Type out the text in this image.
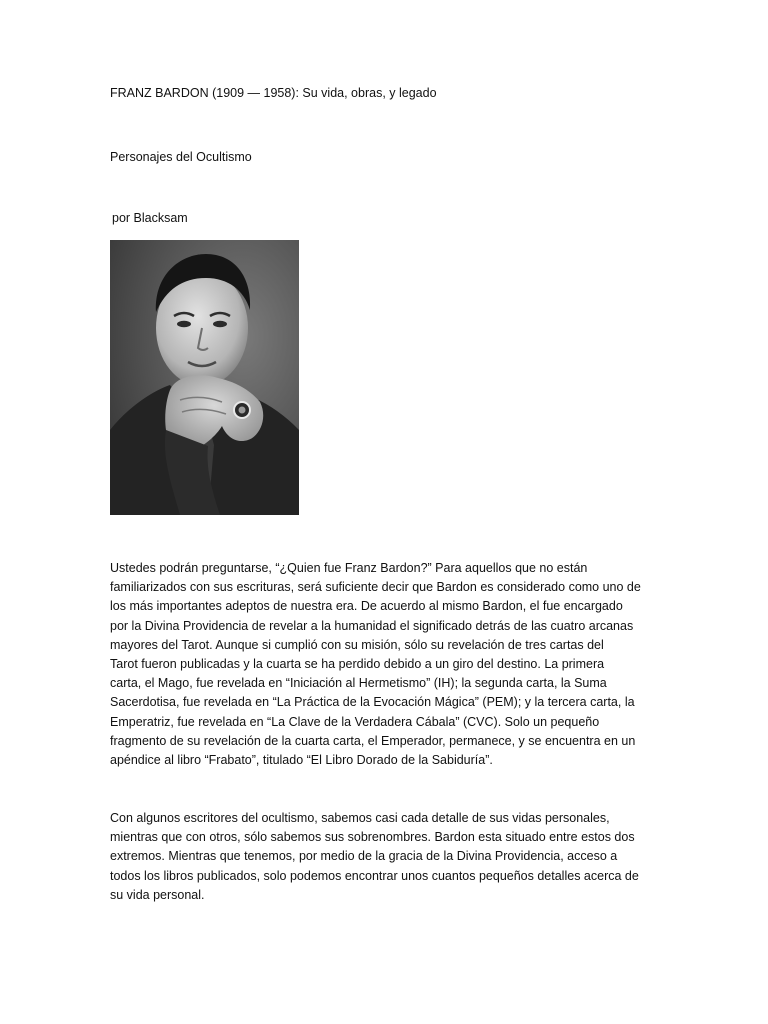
FRANZ BARDON (1909 — 1958): Su vida, obras, y legado
Personajes del Ocultismo
por Blacksam
Ustedes podrán preguntarse, “¿Quien fue Franz Bardon?” Para aquellos que no están
familiarizados con sus escrituras, será suficiente decir que Bardon es considerado como uno de
los más importantes adeptos de nuestra era. De acuerdo al mismo Bardon, el fue encargado
por la Divina Providencia de revelar a la humanidad el significado detrás de las cuatro arcanas
mayores del Tarot. Aunque si cumplió con su misión, sólo su revelación de tres cartas del
Tarot fueron publicadas y la cuarta se ha perdido debido a un giro del destino. La primera
carta, el Mago, fue revelada en “Iniciación al Hermetismo” (IH); la segunda carta, la Suma
Sacerdotisa, fue revelada en “La Práctica de la Evocación Mágica” (PEM); y la tercera carta, la
Emperatriz, fue revelada en “La Clave de la Verdadera Cábala” (CVC). Solo un pequeño
fragmento de su revelación de la cuarta carta, el Emperador, permanece, y se encuentra en un
apéndice al libro “Frabato”, titulado “El Libro Dorado de la Sabiduría”.
Con algunos escritores del ocultismo, sabemos casi cada detalle de sus vidas personales,
mientras que con otros, sólo sabemos sus sobrenombres. Bardon esta situado entre estos dos
extremos. Mientras que tenemos, por medio de la gracia de la Divina Providencia, acceso a
todos los libros publicados, solo podemos encontrar unos cuantos pequeños detalles acerca de
su vida personal.
